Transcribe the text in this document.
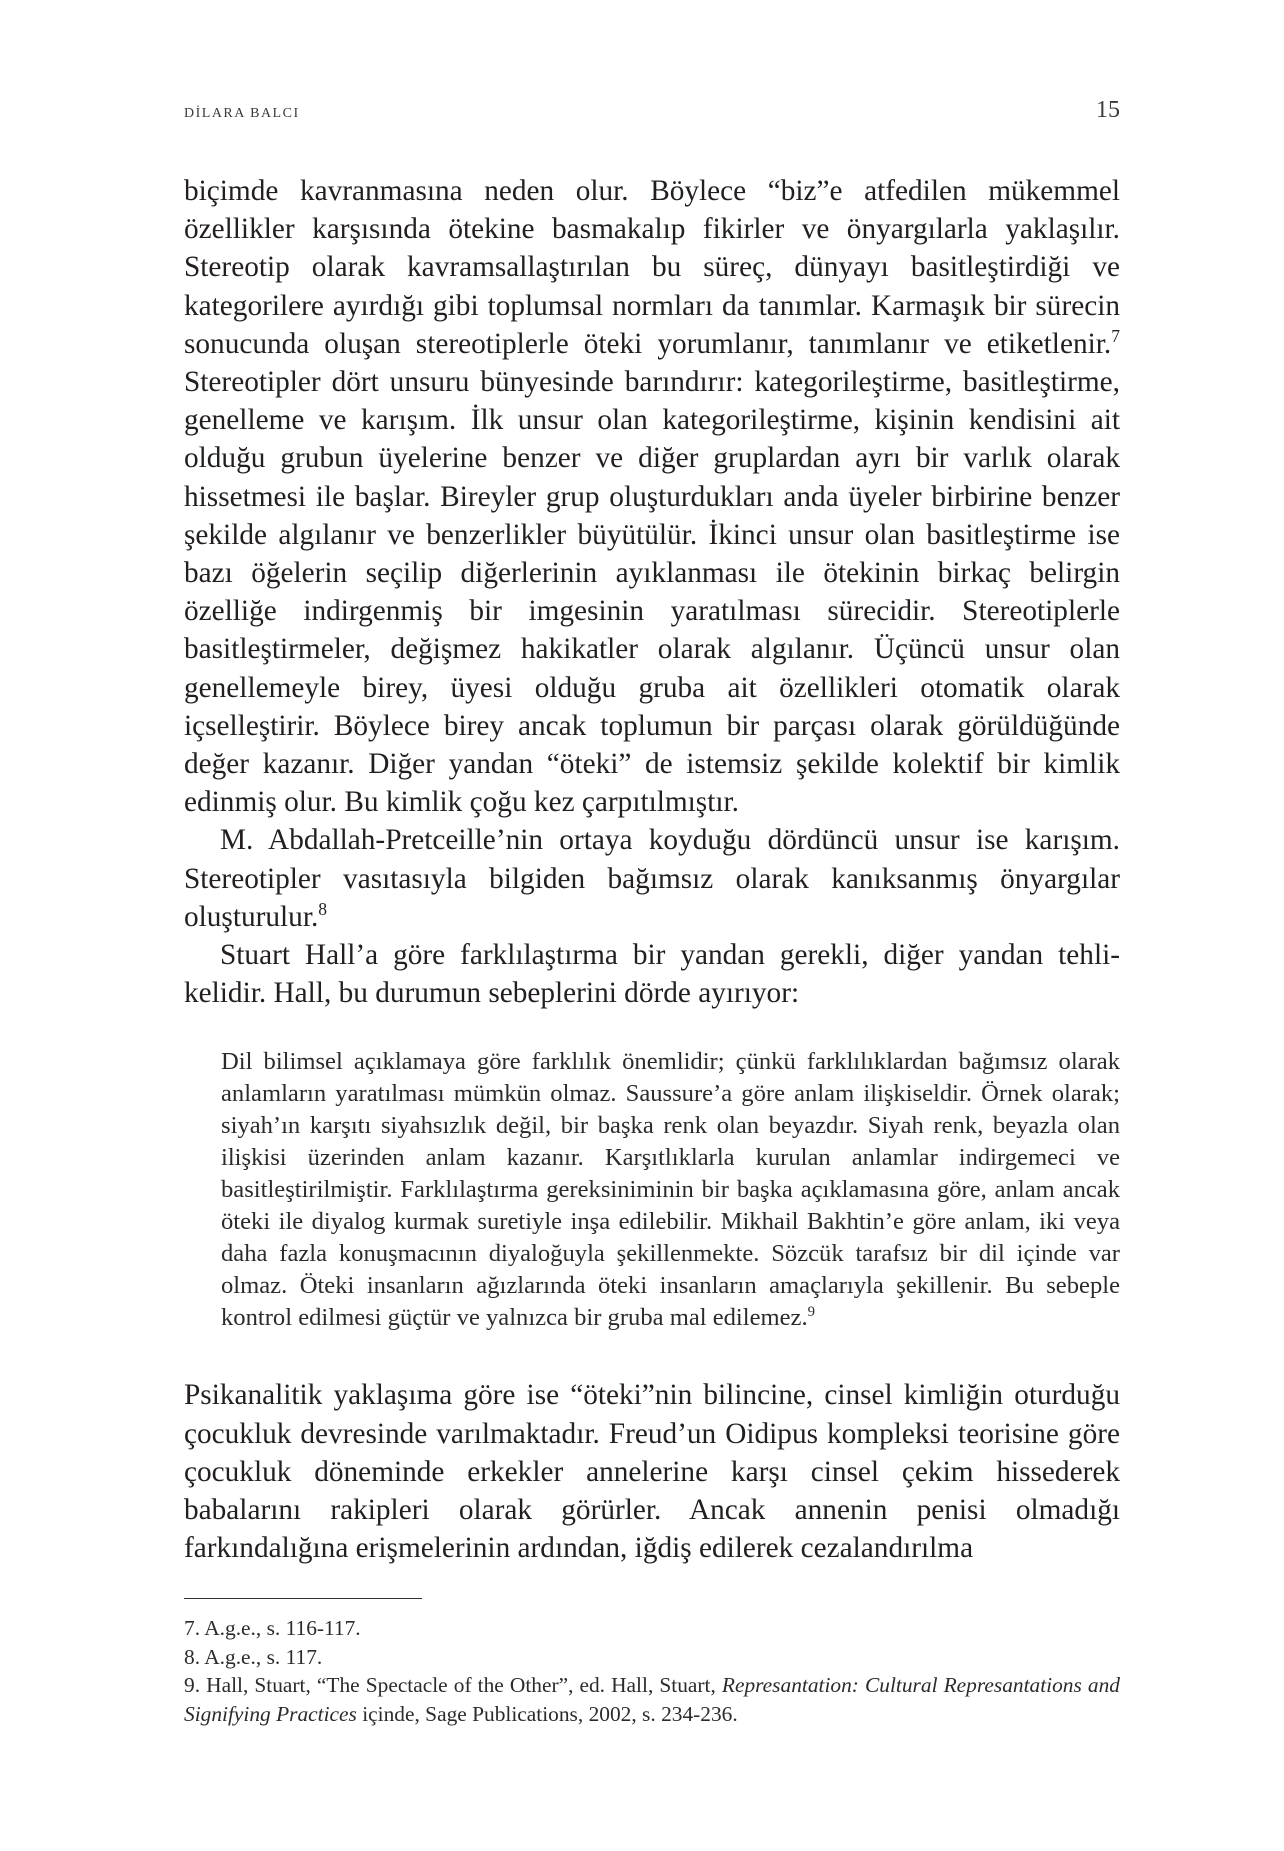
DİLARA BALCI	15

biçimde kavranmasına neden olur. Böylece “biz”e atfedilen mükemmel özellikler karşısında ötekine basmakalıp fikirler ve önyargılarla yaklaşılır. Stereotip olarak kavramsallaştırılan bu süreç, dünyayı basitleştirdiği ve kategorilere ayırdığı gibi toplumsal normları da tanımlar. Karmaşık bir sürecin sonucunda oluşan stereotiplerle öteki yorumlanır, tanımlanır ve etiketlenir.$^7$ Stereotipler dört unsuru bünyesinde barındırır: kategorileştirme, basitleştirme, genelleme ve karışım. İlk unsur olan kategorileştirme, kişinin kendisini ait olduğu grubun üyelerine benzer ve diğer gruplardan ayrı bir varlık olarak hissetmesi ile başlar. Bireyler grup oluşturdukları anda üyeler birbirine benzer şekilde algılanır ve benzerlikler büyütülür. İkinci unsur olan basitleştirme ise bazı öğelerin seçilip diğerlerinin ayıklanması ile ötekinin birkaç belirgin özelliğe indirgenmiş bir imgesinin yaratılması sürecidir. Stereotiplerle basitleştirmeler, değişmez hakikatler olarak algılanır. Üçüncü unsur olan genellemeyle birey, üyesi olduğu gruba ait özellikleri otomatik olarak içselleştirir. Böylece birey ancak toplumun bir parçası olarak görüldüğünde değer kazanır. Diğer yandan “öteki” de istemsiz şekilde kolektif bir kimlik edinmiş olur. Bu kimlik çoğu kez çarpıtılmıştır.

M. Abdallah-Pretceille’nin ortaya koyduğu dördüncü unsur ise karışım. Stereotipler vasıtasıyla bilgiden bağımsız olarak kanıksanmış önyargılar oluşturulur.$^8$

Stuart Hall’a göre farklılaştırma bir yandan gerekli, diğer yandan tehlikelidir. Hall, bu durumun sebeplerini dörde ayırıyor:

Dil bilimsel açıklamaya göre farklılık önemlidir; çünkü farklılıklardan bağımsız olarak anlamların yaratılması mümkün olmaz. Saussure’a göre anlam ilişkiseldir. Örnek olarak; siyah’ın karşıtı siyahsızlık değil, bir başka renk olan beyazdır. Siyah renk, beyazla olan ilişkisi üzerinden anlam kazanır. Karşıtlıklarla kurulan anlamlar indirgemeci ve basitleştirilmiştir. Farklılaştırma gereksiniminin bir başka açıklamasına göre, anlam ancak öteki ile diyalog kurmak suretiyle inşa edilebilir. Mikhail Bakhtin’e göre anlam, iki veya daha fazla konuşmacının diyaloğuyla şekillenmekte. Sözcük tarafsız bir dil içinde var olmaz. Öteki insanların ağızlarında öteki insanların amaçlarıyla şekillenir. Bu sebeple kontrol edilmesi güçtür ve yalnızca bir gruba mal edilemez.$^9$

Psikanalitik yaklaşıma göre ise “öteki”nin bilincine, cinsel kimliğin oturduğu çocukluk devresinde varılmaktadır. Freud’un Oidipus kompleksi teorisine göre çocukluk döneminde erkekler annelerine karşı cinsel çekim hissederek babalarını rakipleri olarak görürler. Ancak annenin penisi olmadığı farkındalığına erişmelerinin ardından, iğdiş edilerek cezalandırılma

7. A.g.e., s. 116-117.

8. A.g.e., s. 117.

9. Hall, Stuart, “The Spectacle of the Other”, ed. Hall, Stuart, Represantation: Cultural Represantations and Signifying Practices içinde, Sage Publications, 2002, s. 234-236.
